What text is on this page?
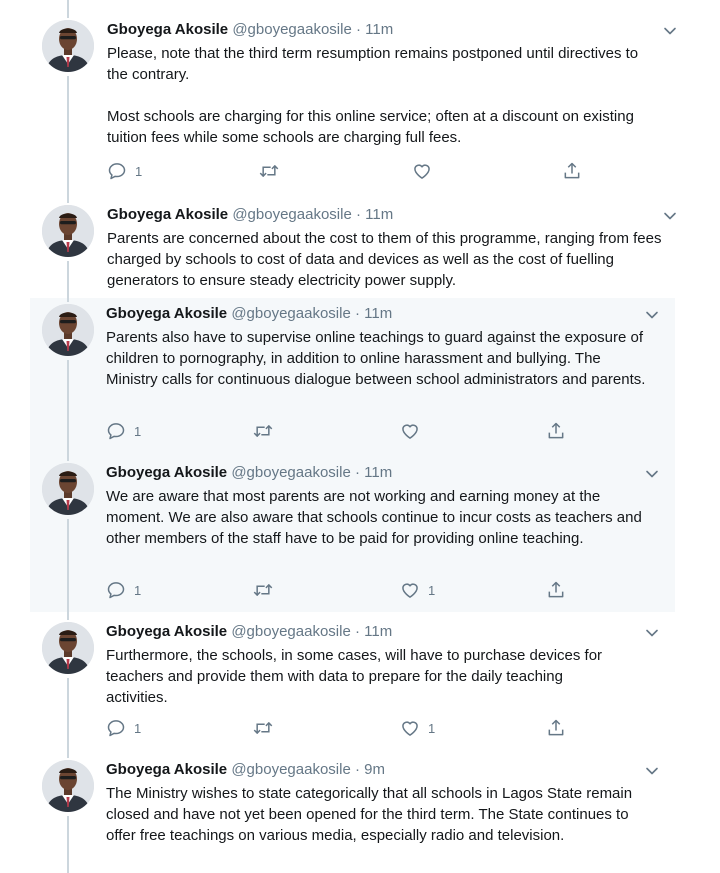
Gboyega Akosile @gboyegaakosile · 11m

Please, note that the third term resumption remains postponed until directives to the contrary.

Most schools are charging for this online service; often at a discount on existing tuition fees while some schools are charging full fees.

1
Gboyega Akosile @gboyegaakosile · 11m

Parents are concerned about the cost to them of this programme, ranging from fees charged by schools to cost of data and devices as well as the cost of fuelling generators to ensure steady electricity power supply.

Gboyega Akosile @gboyegaakosile · 11m

Parents also have to supervise online teachings to guard against the exposure of children to pornography, in addition to online harassment and bullying. The Ministry calls for continuous dialogue between school administrators and parents.

1
Gboyega Akosile @gboyegaakosile · 11m

We are aware that most parents are not working and earning money at the moment. We are also aware that schools continue to incur costs as teachers and other members of the staff have to be paid for providing online teaching.

1	1
Gboyega Akosile @gboyegaakosile · 11m

Furthermore, the schools, in some cases, will have to purchase devices for teachers and provide them with data to prepare for the daily teaching activities.

1	1
Gboyega Akosile @gboyegaakosile · 9m

The Ministry wishes to state categorically that all schools in Lagos State remain closed and have not yet been opened for the third term. The State continues to offer free teachings on various media, especially radio and television.
